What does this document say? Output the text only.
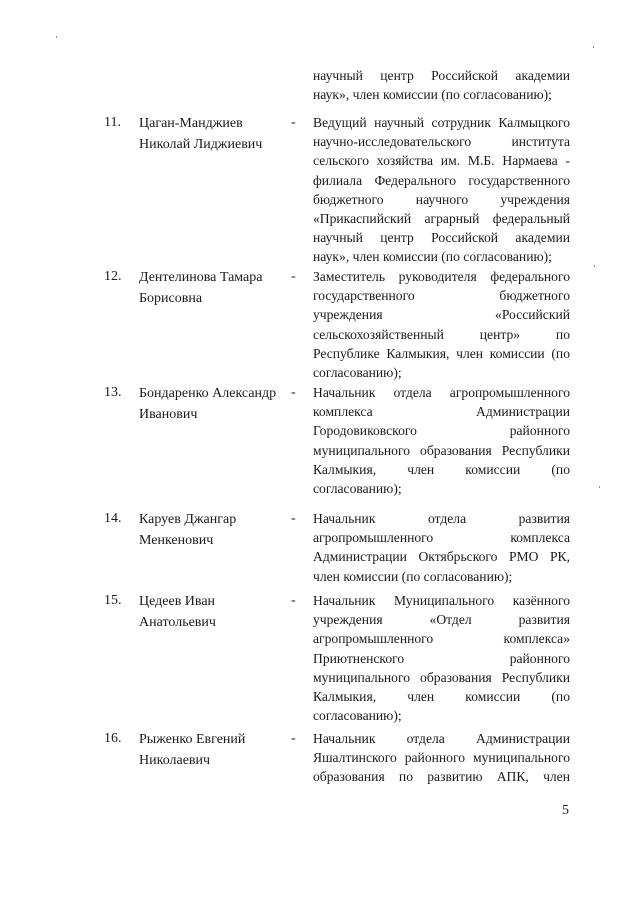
научный центр Российской академии
наук», член комиссии (по согласованию);
11.	Цаган-Манджиев
Николай Лиджиевич
-	Ведущий научный сотрудник Калмыцкого
научно-исследовательского института
сельского хозяйства им. М.Б. Нармаева -
филиала Федерального государственного
бюджетного научного учреждения
«Прикаспийский аграрный федеральный
научный центр Российской академии
наук», член комиссии (по согласованию);
12.	Дентелинова Тамара
Борисовна
-	Заместитель руководителя федерального
государственного бюджетного
учреждения «Российский
сельскохозяйственный центр» по
Республике Калмыкия, член комиссии (по
согласованию);
13.	Бондаренко Александр
Иванович
-	Начальник отдела агропромышленного
комплекса Администрации
Городовиковского районного
муниципального образования Республики
Калмыкия, член комиссии (по
согласованию);
14.	Каруев Джангар
Менкенович
-	Начальник отдела развития
агропромышленного комплекса
Администрации Октябрьского РМО РК,
член комиссии (по согласованию);
15.	Цедеев Иван
Анатольевич
-	Начальник Муниципального казённого
учреждения «Отдел развития
агропромышленного комплекса»
Приютненского районного
муниципального образования Республики
Калмыкия, член комиссии (по
согласованию);
16.	Рыженко Евгений
Николаевич
-	Начальник отдела Администрации
Яшалтинского районного муниципального
образования по развитию АПК, член
5
